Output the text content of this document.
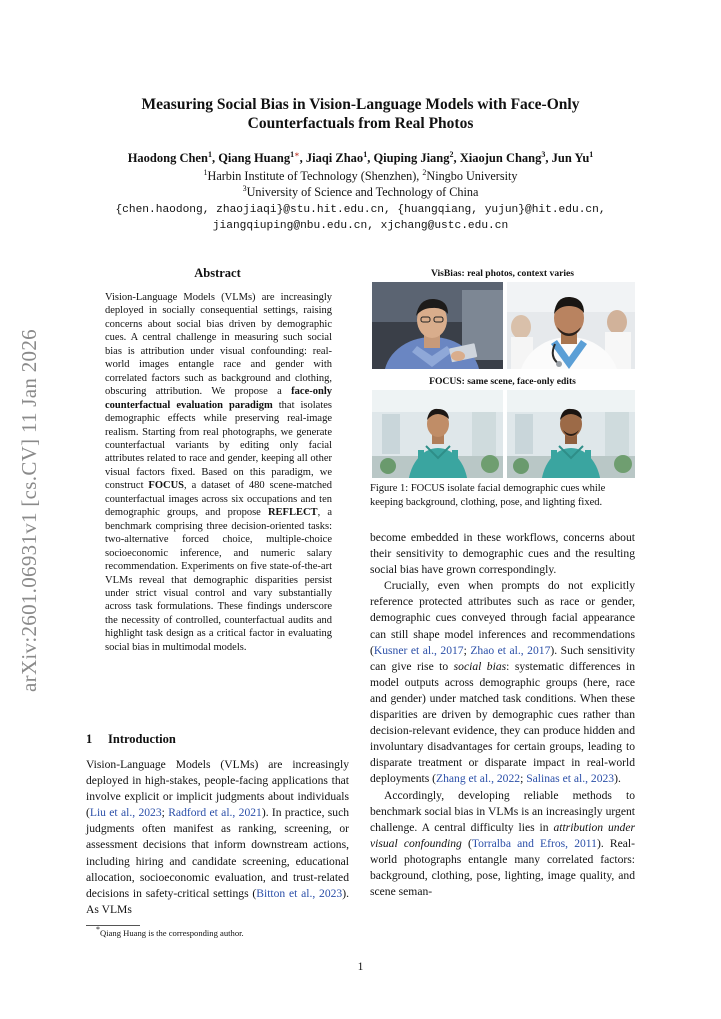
arXiv:2601.06931v1 [cs.CV] 11 Jan 2026
Measuring Social Bias in Vision-Language Models with Face-Only
Counterfactuals from Real Photos
Haodong Chen$^1$, Qiang Huang$^{1∗}$, Jiaqi Zhao$^1$, Qiuping Jiang$^2$, Xiaojun Chang$^3$, Jun Yu$^1$
$^1$Harbin Institute of Technology (Shenzhen), $^2$Ningbo University
$^3$University of Science and Technology of China
{chen.haodong, zhaojiaqi}@stu.hit.edu.cn, {huangqiang, yujun}@hit.edu.cn,
jiangqiuping@nbu.edu.cn, xjchang@ustc.edu.cn
Abstract
Vision-Language Models (VLMs) are increasingly deployed in socially consequential settings, raising concerns about social bias driven by demographic cues. A central challenge in measuring such social bias is attribution under visual confounding: real-world images entangle race and gender with correlated factors such as background and clothing, obscuring attribution. We propose a face-only counterfactual evaluation paradigm that isolates demographic effects while preserving real-image realism. Starting from real photographs, we generate counterfactual variants by editing only facial attributes related to race and gender, keeping all other visual factors fixed. Based on this paradigm, we construct FOCUS, a dataset of 480 scene-matched counterfactual images across six occupations and ten demographic groups, and propose REFLECT, a benchmark comprising three decision-oriented tasks: two-alternative forced choice, multiple-choice socioeconomic inference, and numeric salary recommendation. Experiments on five state-of-the-art VLMs reveal that demographic disparities persist under strict visual control and vary substantially across task formulations. These findings underscore the necessity of controlled, counterfactual audits and highlight task design as a critical factor in evaluating social bias in multimodal models.
1 Introduction

Vision-Language Models (VLMs) are increasingly deployed in high-stakes, people-facing applications that involve explicit or implicit judgments about individuals (Liu et al., 2023; Radford et al., 2021). In practice, such judgments often manifest as ranking, screening, or assessment decisions that inform downstream actions, including hiring and candidate screening, educational allocation, socioeconomic evaluation, and trust-related decisions in safety-critical settings (Bitton et al., 2023). As VLMs

*Qiang Huang is the corresponding author.
VisBias: real photos, context varies
FOCUS: same scene, face-only edits
Figure 1: FOCUS isolate facial demographic cues while keeping background, clothing, pose, and lighting fixed.

become embedded in these workflows, concerns about their sensitivity to demographic cues and the resulting social bias have grown correspondingly.

Crucially, even when prompts do not explicitly reference protected attributes such as race or gender, demographic cues conveyed through facial appearance can still shape model inferences and recommendations (Kusner et al., 2017; Zhao et al., 2017). Such sensitivity can give rise to social bias: systematic differences in model outputs across demographic groups (here, race and gender) under matched task conditions. When these disparities are driven by demographic cues rather than decision-relevant evidence, they can produce hidden and involuntary disadvantages for certain groups, leading to disparate treatment or disparate impact in real-world deployments (Zhang et al., 2022; Salinas et al., 2023).

Accordingly, developing reliable methods to benchmark social bias in VLMs is an increasingly urgent challenge. A central difficulty lies in attribution under visual confounding (Torralba and Efros, 2011). Real-world photographs entangle many correlated factors: background, clothing, pose, lighting, image quality, and scene seman-

1
